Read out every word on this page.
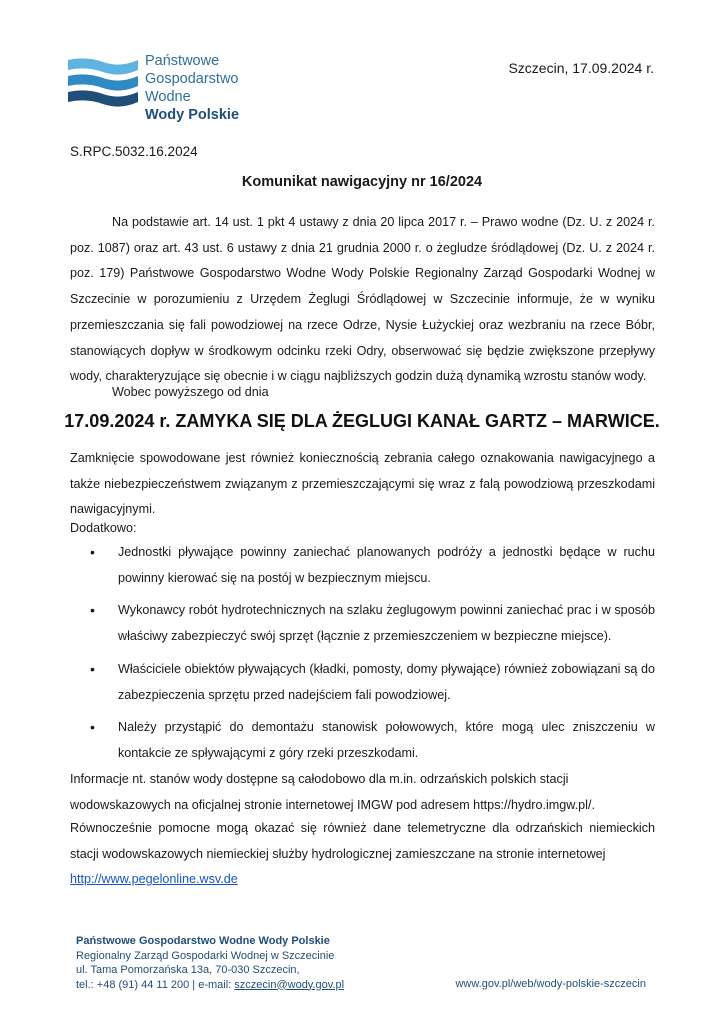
Państwowe
Gospodarstwo Wodne
Wody Polskie
Szczecin, 17.09.2024 r.
S.RPC.5032.16.2024
Komunikat nawigacyjny nr 16/2024
Na podstawie art. 14 ust. 1 pkt 4 ustawy z dnia 20 lipca 2017 r. – Prawo wodne (Dz. U. z 2024 r. poz. 1087) oraz art. 43 ust. 6 ustawy z dnia 21 grudnia 2000 r. o żegludze śródlądowej (Dz. U. z 2024 r. poz. 179) Państwowe Gospodarstwo Wodne Wody Polskie Regionalny Zarząd Gospodarki Wodnej w Szczecinie w porozumieniu z Urzędem Żeglugi Śródlądowej w Szczecinie informuje, że w wyniku przemieszczania się fali powodziowej na rzece Odrze, Nysie Łużyckiej oraz wezbraniu na rzece Bóbr, stanowiących dopływ w środkowym odcinku rzeki Odry, obserwować się będzie zwiększone przepływy wody, charakteryzujące się obecnie i w ciągu najbliższych godzin dużą dynamiką wzrostu stanów wody.
Wobec powyższego od dnia
17.09.2024 r. ZAMYKA SIĘ DLA ŻEGLUGI KANAŁ GARTZ – MARWICE.
Zamknięcie spowodowane jest również koniecznością zebrania całego oznakowania nawigacyjnego a także niebezpieczeństwem związanym z przemieszczającymi się wraz z falą powodziową przeszkodami nawigacyjnymi.
Dodatkowo:
• Jednostki pływające powinny zaniechać planowanych podróży a jednostki będące w ruchu powinny kierować się na postój w bezpiecznym miejscu.
• Wykonawcy robót hydrotechnicznych na szlaku żeglugowym powinni zaniechać prac i w sposób właściwy zabezpieczyć swój sprzęt (łącznie z przemieszczeniem w bezpieczne miejsce).
• Właściciele obiektów pływających (kładki, pomosty, domy pływające) również zobowiązani są do zabezpieczenia sprzętu przed nadejściem fali powodziowej.
• Należy przystąpić do demontażu stanowisk połowowych, które mogą ulec zniszczeniu w kontakcie ze spływającymi z góry rzeki przeszkodami.
Informacje nt. stanów wody dostępne są całodobowo dla m.in. odrzańskich polskich stacji wodowskazowych na oficjalnej stronie internetowej IMGW pod adresem https://hydro.imgw.pl/.
Równocześnie pomocne mogą okazać się również dane telemetryczne dla odrzańskich niemieckich stacji wodowskazowych niemieckiej służby hydrologicznej zamieszczane na stronie internetowej
http://www.pegelonline.wsv.de
Państwowe Gospodarstwo Wodne Wody Polskie
Regionalny Zarząd Gospodarki Wodnej w Szczecinie
ul. Tama Pomorzańska 13a, 70-030 Szczecin,
tel.: +48 (91) 44 11 200 | e-mail: szczecin@wody.gov.pl	www.gov.pl/web/wody-polskie-szczecin
